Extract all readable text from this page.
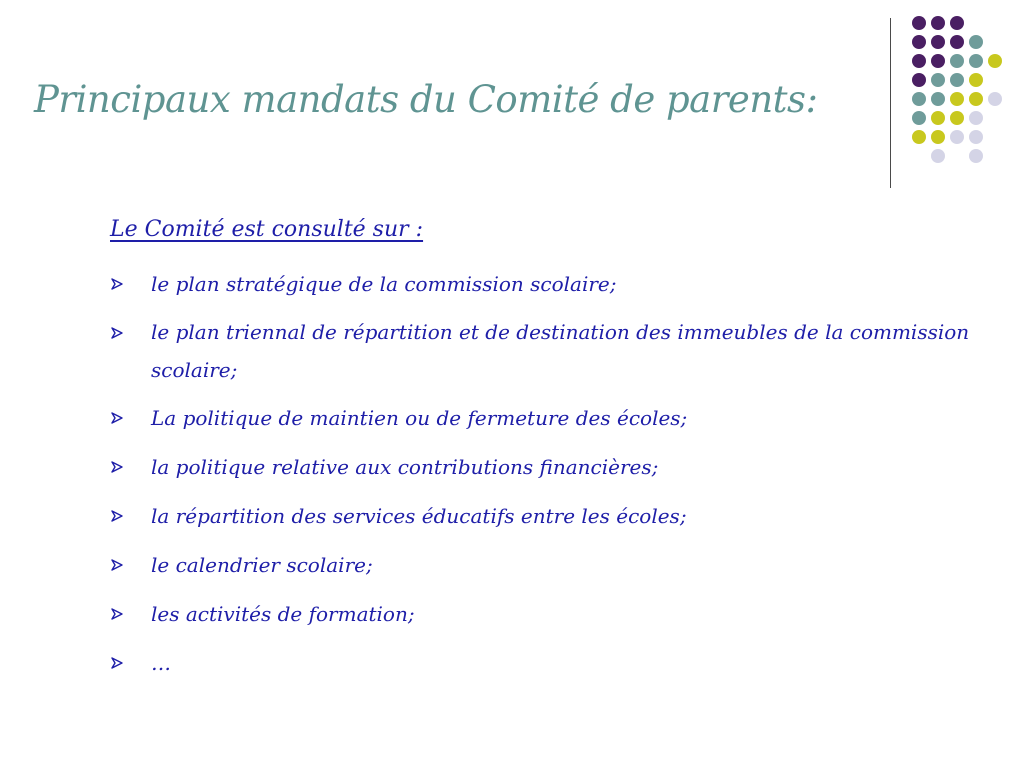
Principaux mandats du Comité de parents:
Le Comité est consulté sur :
le plan stratégique de la commission scolaire;
le plan triennal de répartition et de destination des immeubles de la commission scolaire;
La politique de maintien ou de fermeture des écoles;
la politique relative aux contributions financières;
la répartition des services éducatifs entre les écoles;
le calendrier scolaire;
les activités de formation;
…
